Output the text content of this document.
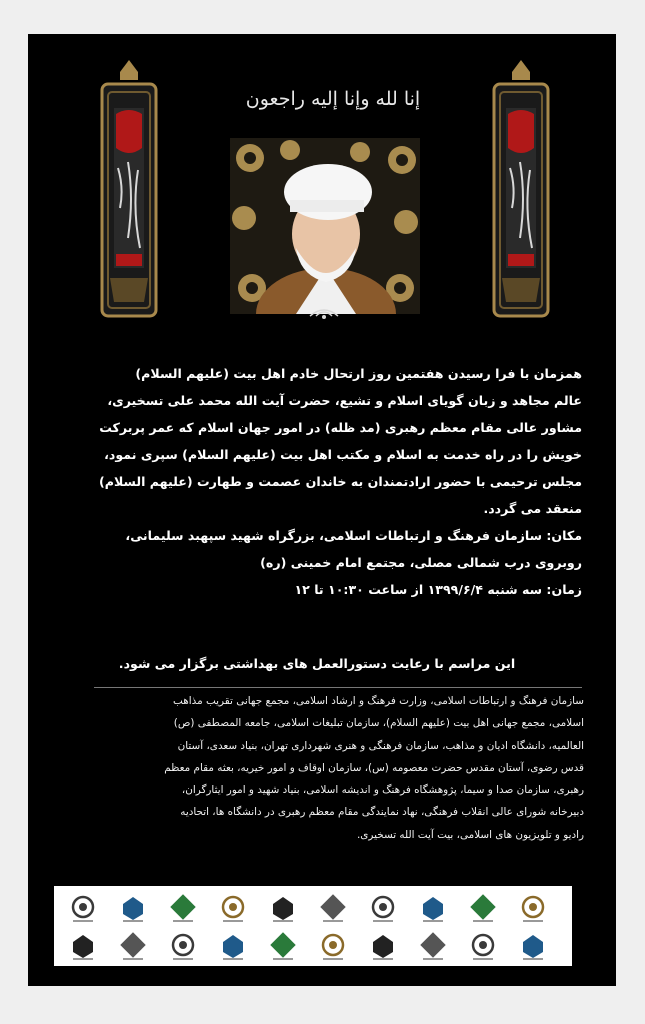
إنا لله وإنا إليه راجعون

همزمان با فرا رسیدن هفتمین روز ارتحال خادم اهل بیت (علیهم السلام)

عالم مجاهد و زبان گویای اسلام و تشیع، حضرت آیت الله محمد علی تسخیری،

مشاور عالی مقام معظم رهبری (مد ظله) در امور جهان اسلام که عمر پربرکت

خویش را در راه خدمت به اسلام و مکتب اهل بیت (علیهم السلام) سپری نمود،

مجلس ترحیمی با حضور ارادتمندان به خاندان عصمت و طهارت (علیهم السلام)

منعقد می گردد.

مکان: سازمان فرهنگ و ارتباطات اسلامی، بزرگراه شهید سپهبد سلیمانی،

روبروی درب شمالی مصلی، مجتمع امام خمینی (ره)

زمان: سه شنبه ۱۳۹۹/۶/۴ از ساعت ۱۰:۳۰ تا ۱۲

این مراسم با رعایت دستورالعمل های بهداشتی برگزار می شود.
سازمان فرهنگ و ارتباطات اسلامی، وزارت فرهنگ و ارشاد اسلامی، مجمع جهانی تقریب مذاهب
اسلامی، مجمع جهانی اهل بیت (علیهم السلام)، سازمان تبلیغات اسلامی، جامعه المصطفی (ص)
العالمیه، دانشگاه ادیان و مذاهب، سازمان فرهنگی و هنری شهرداری تهران، بنیاد سعدی، آستان
قدس رضوی، آستان مقدس حضرت معصومه (س)، سازمان اوقاف و امور خیریه، بعثه مقام معظم
رهبری، سازمان صدا و سیما، پژوهشگاه فرهنگ و اندیشه اسلامی، بنیاد شهید و امور ایثارگران،
دبیرخانه شورای عالی انقلاب فرهنگی، نهاد نمایندگی مقام معظم رهبری در دانشگاه ها، اتحادیه
رادیو و تلویزیون های اسلامی، بیت آیت الله تسخیری.
